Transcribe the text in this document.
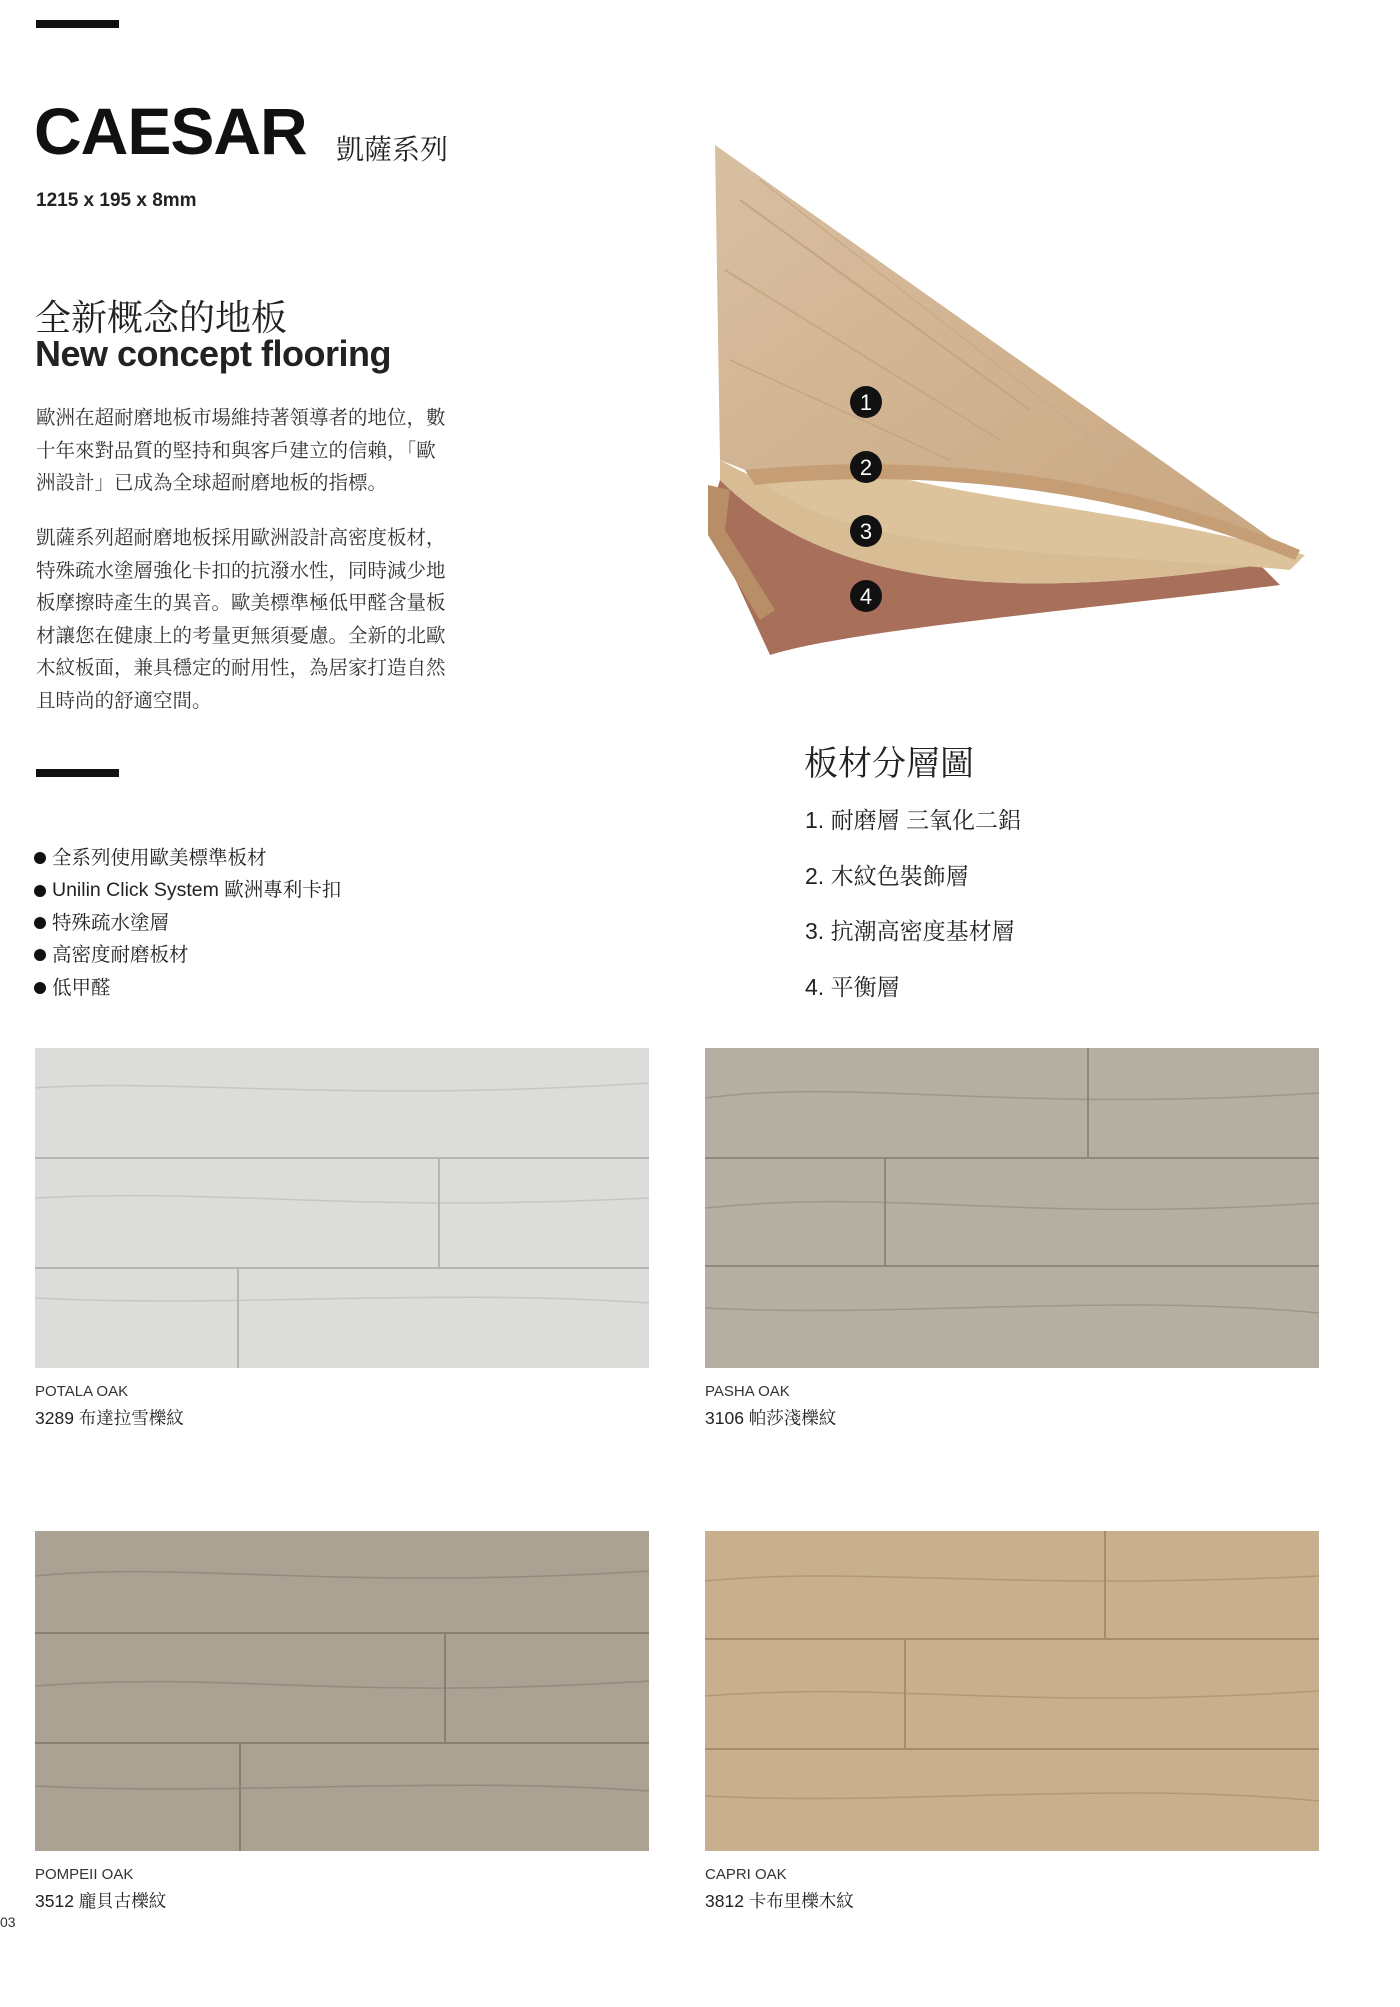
CAESAR 凱薩系列
1215 x 195 x 8mm
全新概念的地板
New concept flooring
歐洲在超耐磨地板市場維持著領導者的地位，數
十年來對品質的堅持和與客戶建立的信賴，「歐
洲設計」已成為全球超耐磨地板的指標。
凱薩系列超耐磨地板採用歐洲設計高密度板材，
特殊疏水塗層強化卡扣的抗潑水性，同時減少地
板摩擦時產生的異音。歐美標準極低甲醛含量板
材讓您在健康上的考量更無須憂慮。全新的北歐
木紋板面，兼具穩定的耐用性，為居家打造自然
且時尚的舒適空間。
全系列使用歐美標準板材
Unilin Click System 歐洲專利卡扣
特殊疏水塗層
高密度耐磨板材
低甲醛
1
2
3
4
板材分層圖
1. 耐磨層 三氧化二鋁
2. 木紋色裝飾層
3. 抗潮高密度基材層
4. 平衡層
POTALA OAK
3289 布達拉雪櫟紋
PASHA OAK
3106 帕莎淺櫟紋
POMPEII OAK
3512 龐貝古櫟紋
CAPRI OAK
3812 卡布里櫟木紋
03
